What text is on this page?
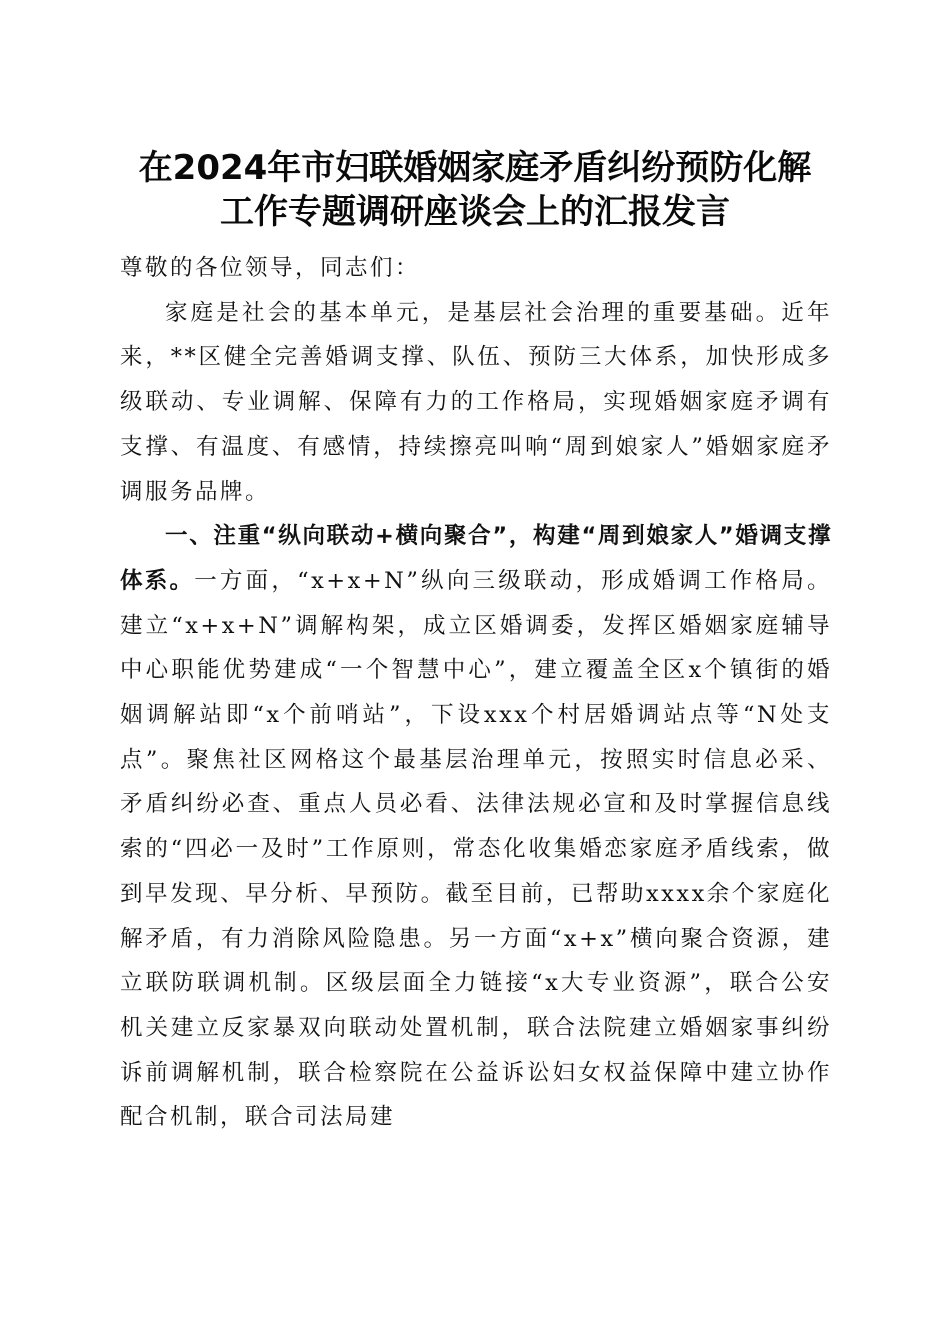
在2024年市妇联婚姻家庭矛盾纠纷预防化解
工作专题调研座谈会上的汇报发言

尊敬的各位领导，同志们：

家庭是社会的基本单元，是基层社会治理的重要基础。近年来，**区健全完善婚调支撑、队伍、预防三大体系，加快形成多级联动、专业调解、保障有力的工作格局，实现婚姻家庭矛调有支撑、有温度、有感情，持续擦亮叫响“周到娘家人”婚姻家庭矛调服务品牌。

一、注重“纵向联动+横向聚合”，构建“周到娘家人”婚调支撑体系。一方面，“x+x+N”纵向三级联动，形成婚调工作格局。建立“x+x+N”调解构架，成立区婚调委，发挥区婚姻家庭辅导中心职能优势建成“一个智慧中心”，建立覆盖全区x个镇街的婚姻调解站即“x个前哨站”，下设xxx个村居婚调站点等“N处支点”。聚焦社区网格这个最基层治理单元，按照实时信息必采、矛盾纠纷必查、重点人员必看、法律法规必宣和及时掌握信息线索的“四必一及时”工作原则，常态化收集婚恋家庭矛盾线索，做到早发现、早分析、早预防。截至目前，已帮助xxxx余个家庭化解矛盾，有力消除风险隐患。另一方面“x+x”横向聚合资源，建立联防联调机制。区级层面全力链接“x大专业资源”，联合公安机关建立反家暴双向联动处置机制，联合法院建立婚姻家事纠纷诉前调解机制，联合检察院在公益诉讼妇女权益保障中建立协作配合机制，联合司法局建
